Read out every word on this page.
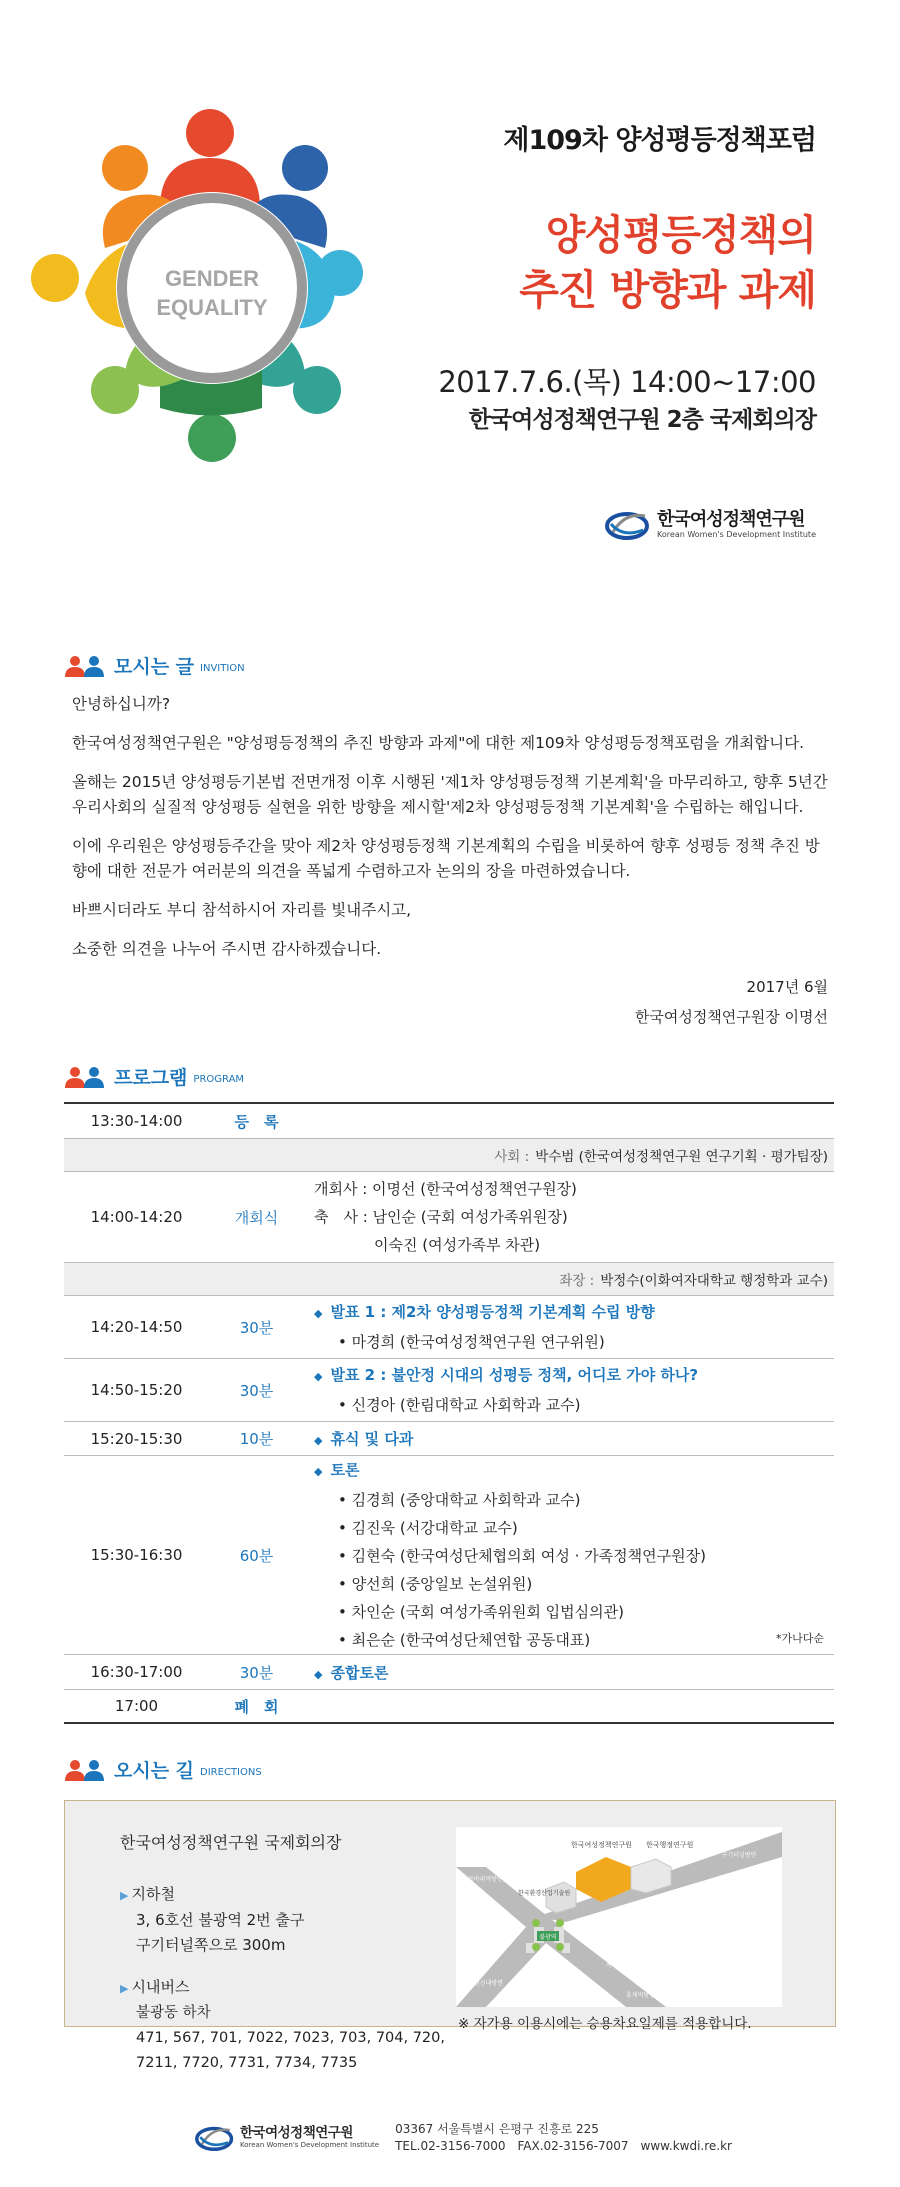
GENDER
EQUALITY
제109차 양성평등정책포럼
양성평등정책의
추진 방향과 과제
2017.7.6.(목) 14:00~17:00
한국여성정책연구원 2층 국제회의장
한국여성정책연구원
Korean Women's Development Institute
모시는 글 INVITION

안녕하십니까?

한국여성정책연구원은 "양성평등정책의 추진 방향과 과제"에 대한 제109차 양성평등정책포럼을 개최합니다.

올해는 2015년 양성평등기본법 전면개정 이후 시행된 '제1차 양성평등정책 기본계획'을 마무리하고, 향후 5년간 우리사회의 실질적 양성평등 실현을 위한 방향을 제시할'제2차 양성평등정책 기본계획'을 수립하는 해입니다.

이에 우리원은 양성평등주간을 맞아 제2차 양성평등정책 기본계획의 수립을 비롯하여 향후 성평등 정책 추진 방향에 대한 전문가 여러분의 의견을 폭넓게 수렴하고자 논의의 장을 마련하였습니다.

바쁘시더라도 부디 참석하시어 자리를 빛내주시고,

소중한 의견을 나누어 주시면 감사하겠습니다.

2017년 6월
한국여성정책연구원장 이명선
프로그램 PROGRAM
13:30-14:00	등　록
사회 : 박수범 (한국여성정책연구원 연구기획 · 평가팀장)
14:00-14:20	개회식
개회사 : 이명선 (한국여성정책연구원장)
축　사 : 남인순 (국회 여성가족위원장)
　　　　이숙진 (여성가족부 차관)
좌장 : 박정수(이화여자대학교 행정학과 교수)
14:20-14:50	30분
◆ 발표 1 : 제2차 양성평등정책 기본계획 수립 방향
• 마경희 (한국여성정책연구원 연구위원)
14:50-15:20	30분
◆ 발표 2 : 불안정 시대의 성평등 정책, 어디로 가야 하나?
• 신경아 (한림대학교 사회학과 교수)
15:20-15:30	10분	◆ 휴식 및 다과
15:30-16:30	60분
◆ 토론
• 김경희 (중앙대학교 사회학과 교수)
• 김진욱 (서강대학교 교수)
• 김현숙 (한국여성단체협의회 여성 · 가족정책연구원장)
• 양선희 (중앙일보 논설위원)
• 차인순 (국회 여성가족위원회 입법심의관)
• 최은순 (한국여성단체연합 공동대표)	*가나다순
16:30-17:00	30분	◆ 종합토론
17:00	폐　회
오시는 길 DIRECTIONS
한국여성정책연구원 국제회의장
▶ 지하철
3, 6호선 불광역 2번 출구
구기터널쪽으로 300m
▶ 시내버스
불광동 하차
471, 567, 701, 7022, 7023, 703, 704, 720,
7211, 7720, 7731, 7734, 7735
불광역
한국여성정책연구원 한국행정연구원
구기터널방면
한국환경산업기술원
독바위역방면
녹번역방면
연신내방면
홍제역방면
※ 자가용 이용시에는 승용차요일제를 적용합니다.
한국여성정책연구원
Korean Women's Development Institute
03367 서울특별시 은평구 진흥로 225
TEL.02-3156-7000　FAX.02-3156-7007　www.kwdi.re.kr
